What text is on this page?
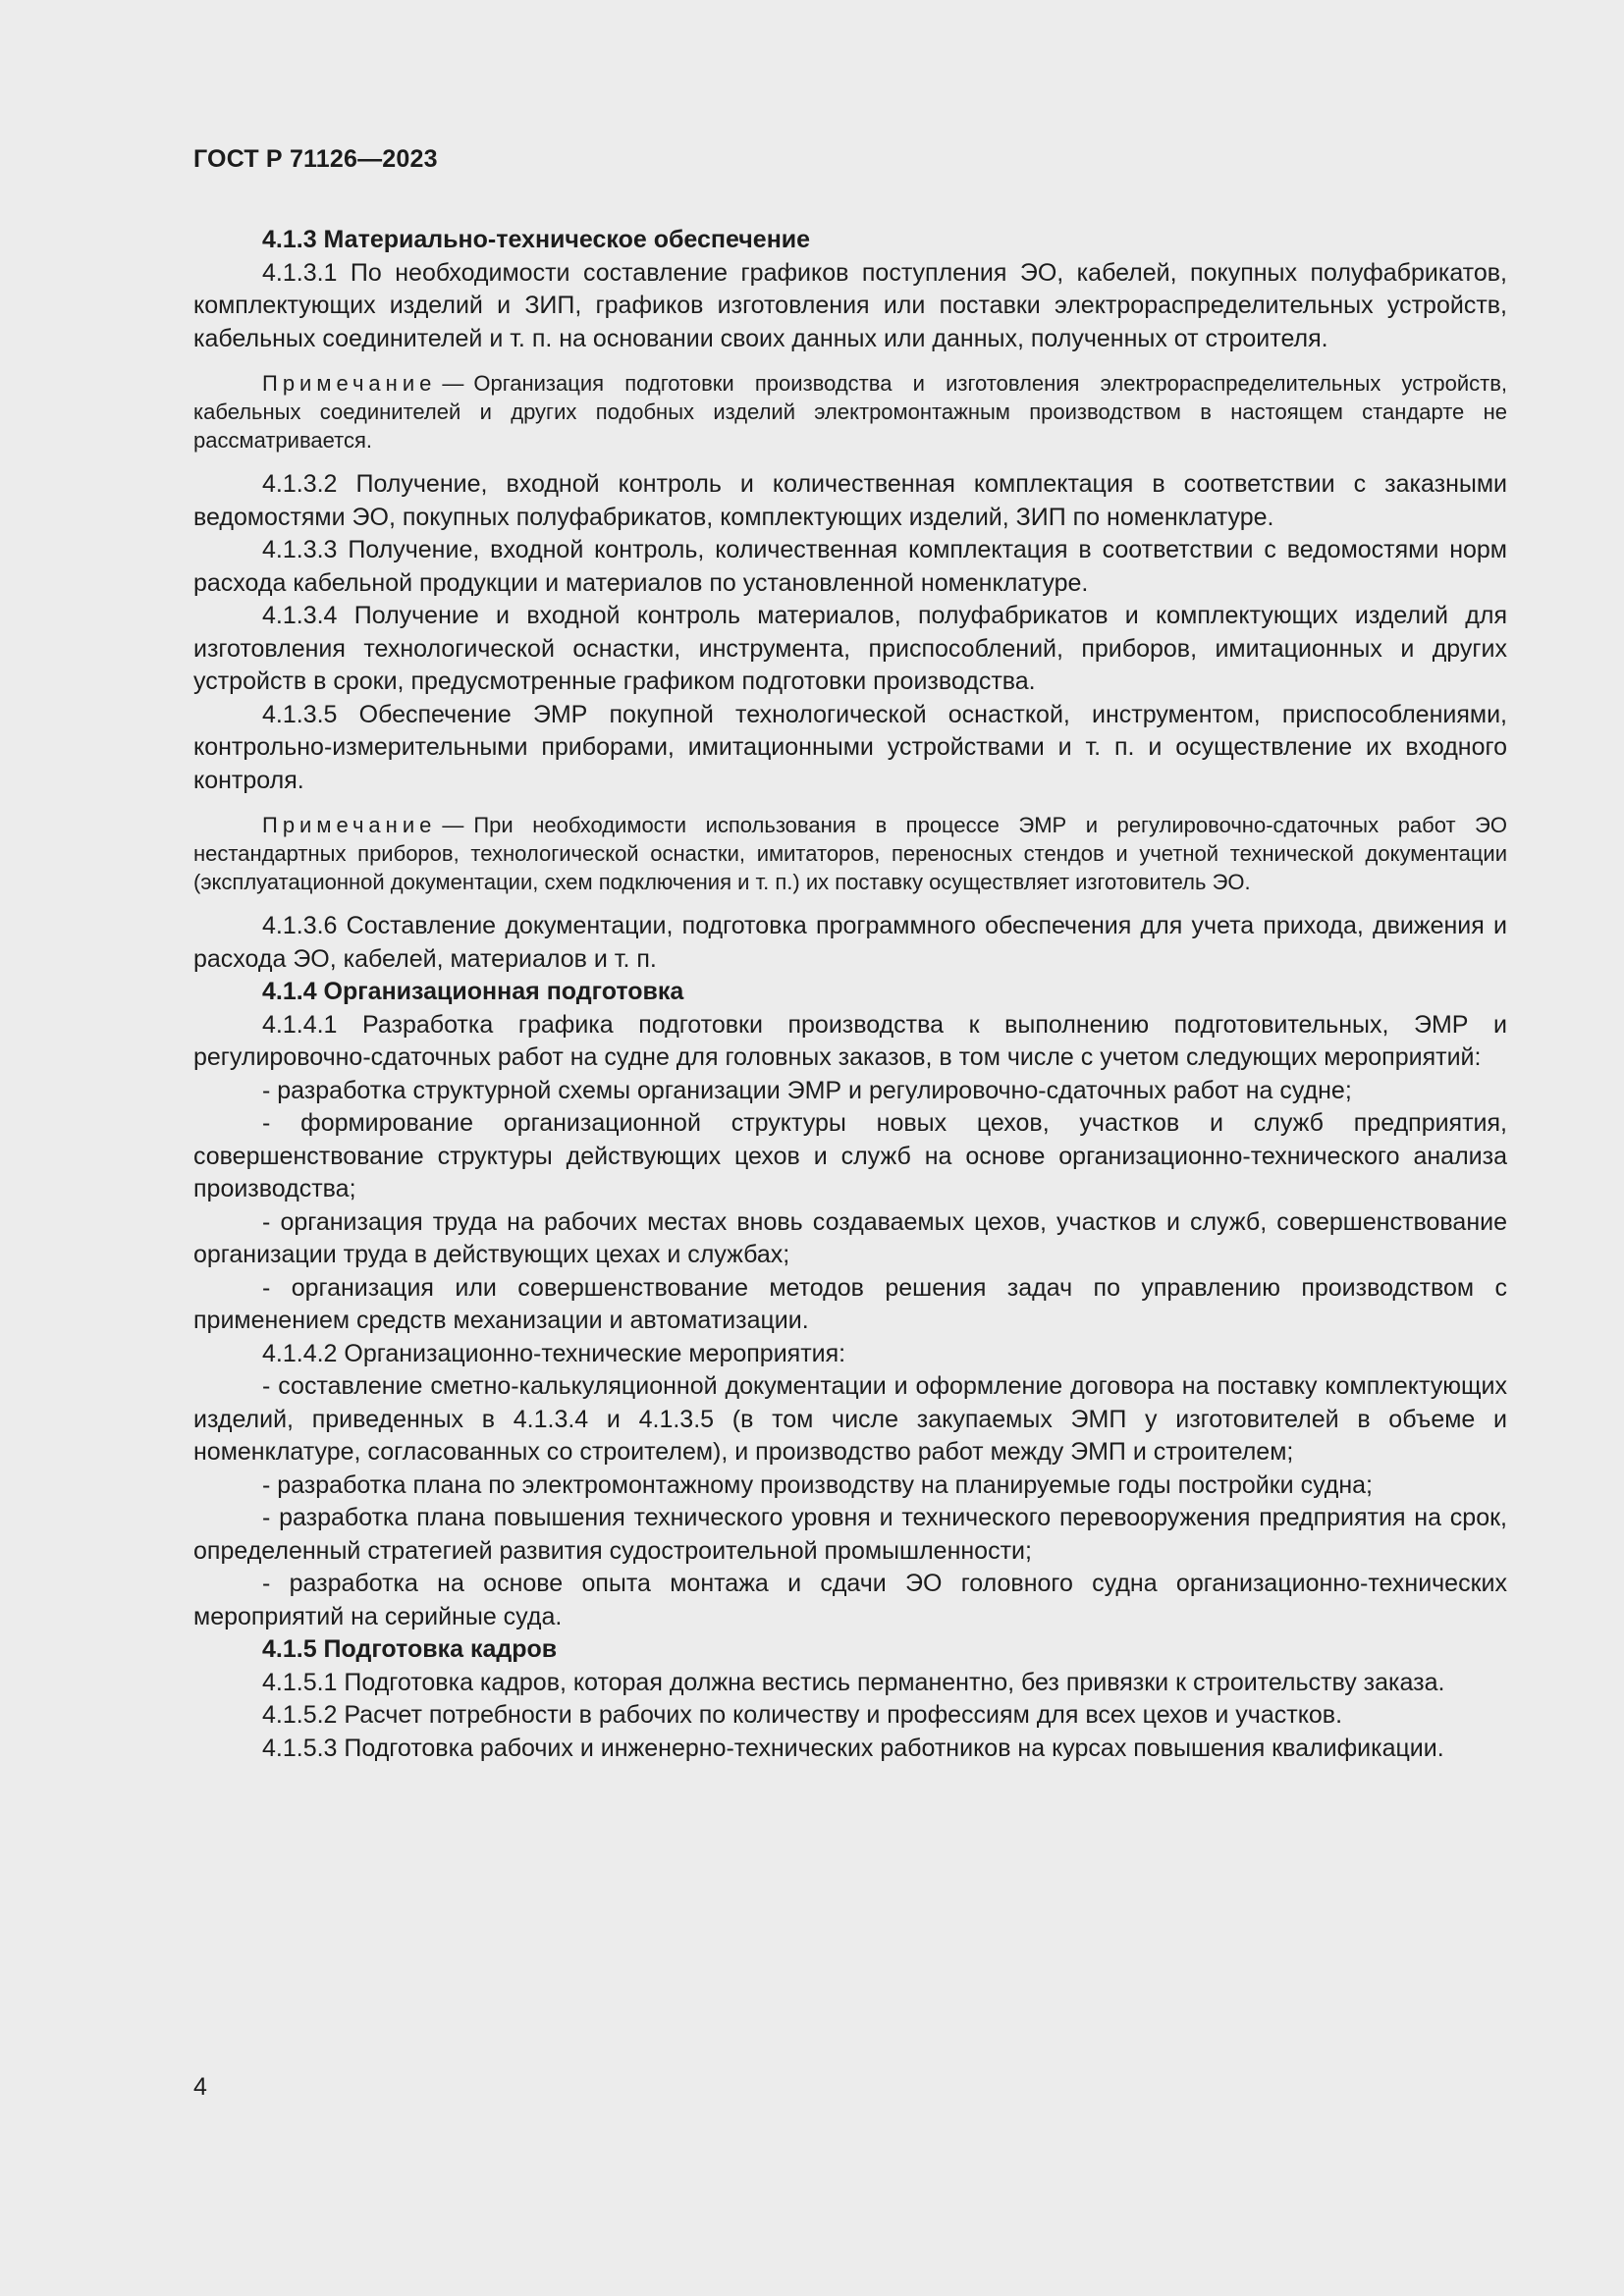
ГОСТ Р 71126—2023

4.1.3 Материально-техническое обеспечение

4.1.3.1 По необходимости составление графиков поступления ЭО, кабелей, покупных полуфабрикатов, комплектующих изделий и ЗИП, графиков изготовления или поставки электрораспределительных устройств, кабельных соединителей и т. п. на основании своих данных или данных, полученных от строителя.

Примечание — Организация подготовки производства и изготовления электрораспределительных устройств, кабельных соединителей и других подобных изделий электромонтажным производством в настоящем стандарте не рассматривается.

4.1.3.2 Получение, входной контроль и количественная комплектация в соответствии с заказными ведомостями ЭО, покупных полуфабрикатов, комплектующих изделий, ЗИП по номенклатуре.

4.1.3.3 Получение, входной контроль, количественная комплектация в соответствии с ведомостями норм расхода кабельной продукции и материалов по установленной номенклатуре.

4.1.3.4 Получение и входной контроль материалов, полуфабрикатов и комплектующих изделий для изготовления технологической оснастки, инструмента, приспособлений, приборов, имитационных и других устройств в сроки, предусмотренные графиком подготовки производства.

4.1.3.5 Обеспечение ЭМР покупной технологической оснасткой, инструментом, приспособлениями, контрольно-измерительными приборами, имитационными устройствами и т. п. и осуществление их входного контроля.

Примечание — При необходимости использования в процессе ЭМР и регулировочно-сдаточных работ ЭО нестандартных приборов, технологической оснастки, имитаторов, переносных стендов и учетной технической документации (эксплуатационной документации, схем подключения и т. п.) их поставку осуществляет изготовитель ЭО.

4.1.3.6 Составление документации, подготовка программного обеспечения для учета прихода, движения и расхода ЭО, кабелей, материалов и т. п.

4.1.4 Организационная подготовка

4.1.4.1 Разработка графика подготовки производства к выполнению подготовительных, ЭМР и регулировочно-сдаточных работ на судне для головных заказов, в том числе с учетом следующих мероприятий:

- разработка структурной схемы организации ЭМР и регулировочно-сдаточных работ на судне;

- формирование организационной структуры новых цехов, участков и служб предприятия, совершенствование структуры действующих цехов и служб на основе организационно-технического анализа производства;

- организация труда на рабочих местах вновь создаваемых цехов, участков и служб, совершенствование организации труда в действующих цехах и службах;

- организация или совершенствование методов решения задач по управлению производством с применением средств механизации и автоматизации.

4.1.4.2 Организационно-технические мероприятия:

- составление сметно-калькуляционной документации и оформление договора на поставку комплектующих изделий, приведенных в 4.1.3.4 и 4.1.3.5 (в том числе закупаемых ЭМП у изготовителей в объеме и номенклатуре, согласованных со строителем), и производство работ между ЭМП и строителем;

- разработка плана по электромонтажному производству на планируемые годы постройки судна;

- разработка плана повышения технического уровня и технического перевооружения предприятия на срок, определенный стратегией развития судостроительной промышленности;

- разработка на основе опыта монтажа и сдачи ЭО головного судна организационно-технических мероприятий на серийные суда.

4.1.5 Подготовка кадров

4.1.5.1 Подготовка кадров, которая должна вестись перманентно, без привязки к строительству заказа.

4.1.5.2 Расчет потребности в рабочих по количеству и профессиям для всех цехов и участков.

4.1.5.3 Подготовка рабочих и инженерно-технических работников на курсах повышения квалификации.

4
